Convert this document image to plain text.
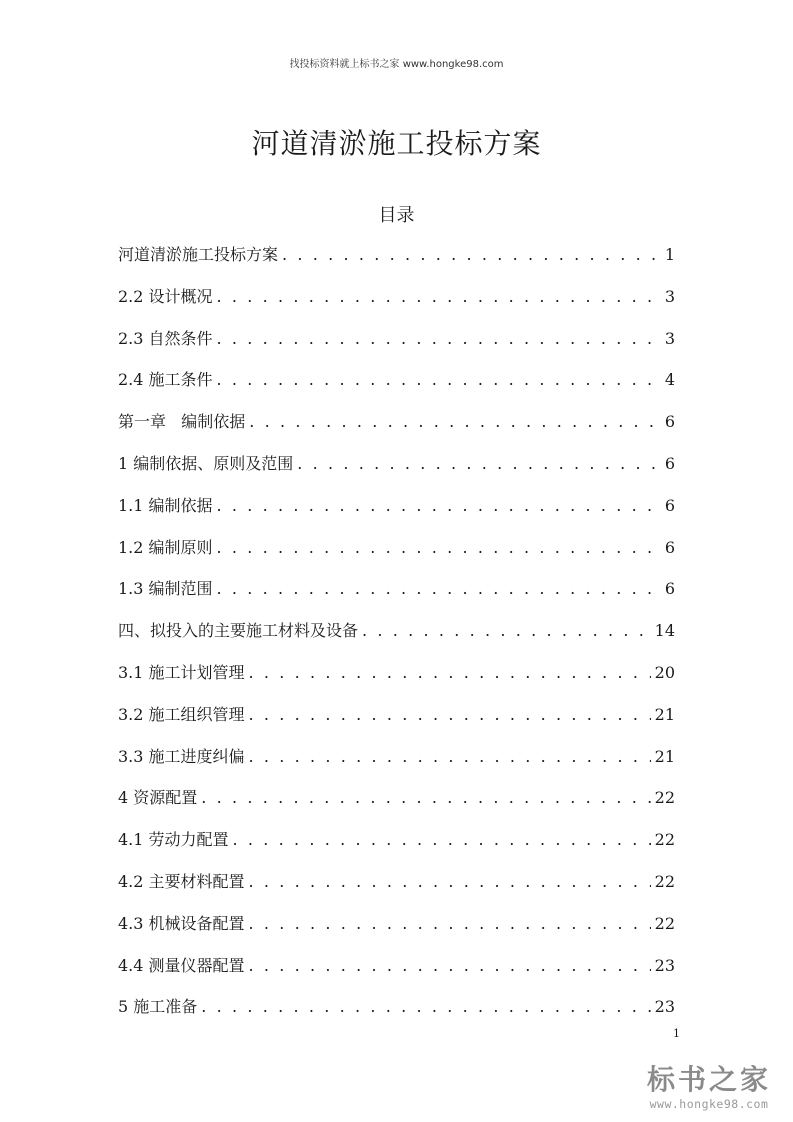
找投标资料就上标书之家 www.hongke98.com
河道清淤施工投标方案
目录
河道清淤施工投标方案 . . .	1
2.2 设计概况 . . .	3
2.3 自然条件 . . .	3
2.4 施工条件 . . .	4
第一章   编制依据 . . .	6
1 编制依据、原则及范围 . . .	6
1.1 编制依据 . . .	6
1.2 编制原则 . . .	6
1.3 编制范围 . . .	6
四、拟投入的主要施工材料及设备 . . .	14
3.1 施工计划管理 . . .	20
3.2 施工组织管理 . . .	21
3.3 施工进度纠偏 . . .	21
4 资源配置 . . .	22
4.1 劳动力配置 . . .	22
4.2 主要材料配置 . . .	22
4.3 机械设备配置 . . .	22
4.4 测量仪器配置 . . .	23
5 施工准备 . . .	23
1
标书之家
www.hongke98.com
